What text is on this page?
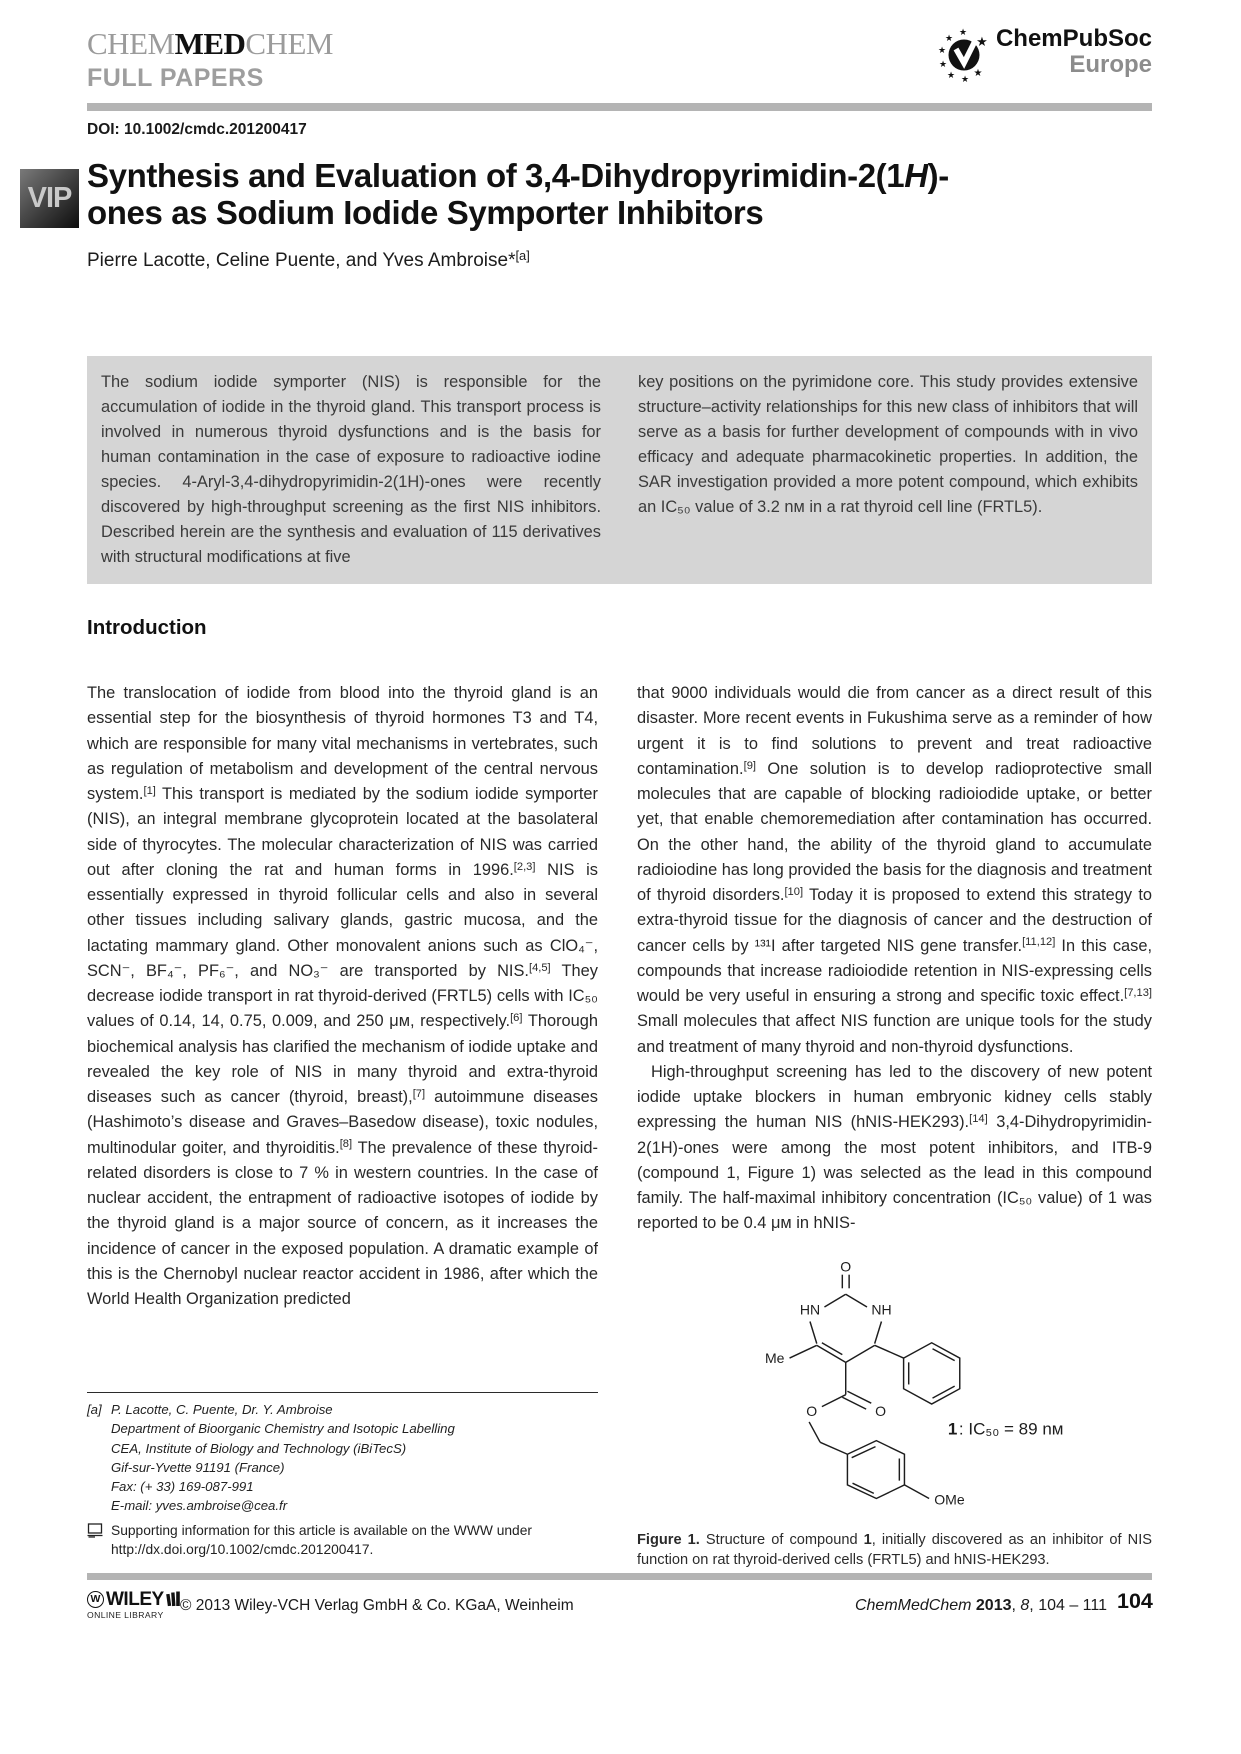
CHEMMEDCHEM
FULL PAPERS
★
★
★
★
★ ★ ★
★ ChemPubSoc
Europe
DOI: 10.1002/cmdc.201200417
VIP
Synthesis and Evaluation of 3,4-Dihydropyrimidin-2(1H)-
ones as Sodium Iodide Symporter Inhibitors
Pierre Lacotte, Celine Puente, and Yves Ambroise*[a]

The sodium iodide symporter (NIS) is responsible for the accumulation of iodide in the thyroid gland. This transport process is involved in numerous thyroid dysfunctions and is the basis for human contamination in the case of exposure to radioactive iodine species. 4-Aryl-3,4-dihydropyrimidin-2(1H)-ones were recently discovered by high-throughput screening as the first NIS inhibitors. Described herein are the synthesis and evaluation of 115 derivatives with structural modifications at five

key positions on the pyrimidone core. This study provides extensive structure–activity relationships for this new class of inhibitors that will serve as a basis for further development of compounds with in vivo efficacy and adequate pharmacokinetic properties. In addition, the SAR investigation provided a more potent compound, which exhibits an IC₅₀ value of 3.2 nᴍ in a rat thyroid cell line (FRTL5).

Introduction

The translocation of iodide from blood into the thyroid gland is an essential step for the biosynthesis of thyroid hormones T3 and T4, which are responsible for many vital mechanisms in vertebrates, such as regulation of metabolism and development of the central nervous system.[1] This transport is mediated by the sodium iodide symporter (NIS), an integral membrane glycoprotein located at the basolateral side of thyrocytes. The molecular characterization of NIS was carried out after cloning the rat and human forms in 1996.[2,3] NIS is essentially expressed in thyroid follicular cells and also in several other tissues including salivary glands, gastric mucosa, and the lactating mammary gland. Other monovalent anions such as ClO₄⁻, SCN⁻, BF₄⁻, PF₆⁻, and NO₃⁻ are transported by NIS.[4,5] They decrease iodide transport in rat thyroid-derived (FRTL5) cells with IC₅₀ values of 0.14, 14, 0.75, 0.009, and 250 μᴍ, respectively.[6] Thorough biochemical analysis has clarified the mechanism of iodide uptake and revealed the key role of NIS in many thyroid and extra-thyroid diseases such as cancer (thyroid, breast),[7] autoimmune diseases (Hashimoto’s disease and Graves–Basedow disease), toxic nodules, multinodular goiter, and thyroiditis.[8] The prevalence of these thyroid-related disorders is close to 7 % in western countries. In the case of nuclear accident, the entrapment of radioactive isotopes of iodide by the thyroid gland is a major source of concern, as it increases the incidence of cancer in the exposed population. A dramatic example of this is the Chernobyl nuclear reactor accident in 1986, after which the World Health Organization predicted

that 9000 individuals would die from cancer as a direct result of this disaster. More recent events in Fukushima serve as a reminder of how urgent it is to find solutions to prevent and treat radioactive contamination.[9] One solution is to develop radioprotective small molecules that are capable of blocking radioiodide uptake, or better yet, that enable chemoremediation after contamination has occurred. On the other hand, the ability of the thyroid gland to accumulate radioiodine has long provided the basis for the diagnosis and treatment of thyroid disorders.[10] Today it is proposed to extend this strategy to extra-thyroid tissue for the diagnosis of cancer and the destruction of cancer cells by ¹³¹I after targeted NIS gene transfer.[11,12] In this case, compounds that increase radioiodide retention in NIS-expressing cells would be very useful in ensuring a strong and specific toxic effect.[7,13] Small molecules that affect NIS function are unique tools for the study and treatment of many thyroid and non-thyroid dysfunctions.

High-throughput screening has led to the discovery of new potent iodide uptake blockers in human embryonic kidney cells stably expressing the human NIS (hNIS-HEK293).[14] 3,4-Dihydropyrimidin-2(1H)-ones were among the most potent inhibitors, and ITB-9 (compound 1, Figure 1) was selected as the lead in this compound family. The half-maximal inhibitory concentration (IC₅₀ value) of 1 was reported to be 0.4 μᴍ in hNIS-

[a] P. Lacotte, C. Puente, Dr. Y. Ambroise
Department of Bioorganic Chemistry and Isotopic Labelling
CEA, Institute of Biology and Technology (iBiTecS)
Gif-sur-Yvette 91191 (France)
Fax: (+ 33) 169-087-991
E-mail: yves.ambroise@cea.fr
Supporting information for this article is available on the WWW under
http://dx.doi.org/10.1002/cmdc.201200417.
O
HN	NH
Me
O	O
OMe
1 : IC₅₀ = 89 nᴍ
Figure 1. Structure of compound 1, initially discovered as an inhibitor of NIS function on rat thyroid-derived cells (FRTL5) and hNIS-HEK293.
W WILEY
ONLINE LIBRARY
© 2013 Wiley-VCH Verlag GmbH & Co. KGaA, Weinheim	ChemMedChem 2013, 8, 104 – 111 104
